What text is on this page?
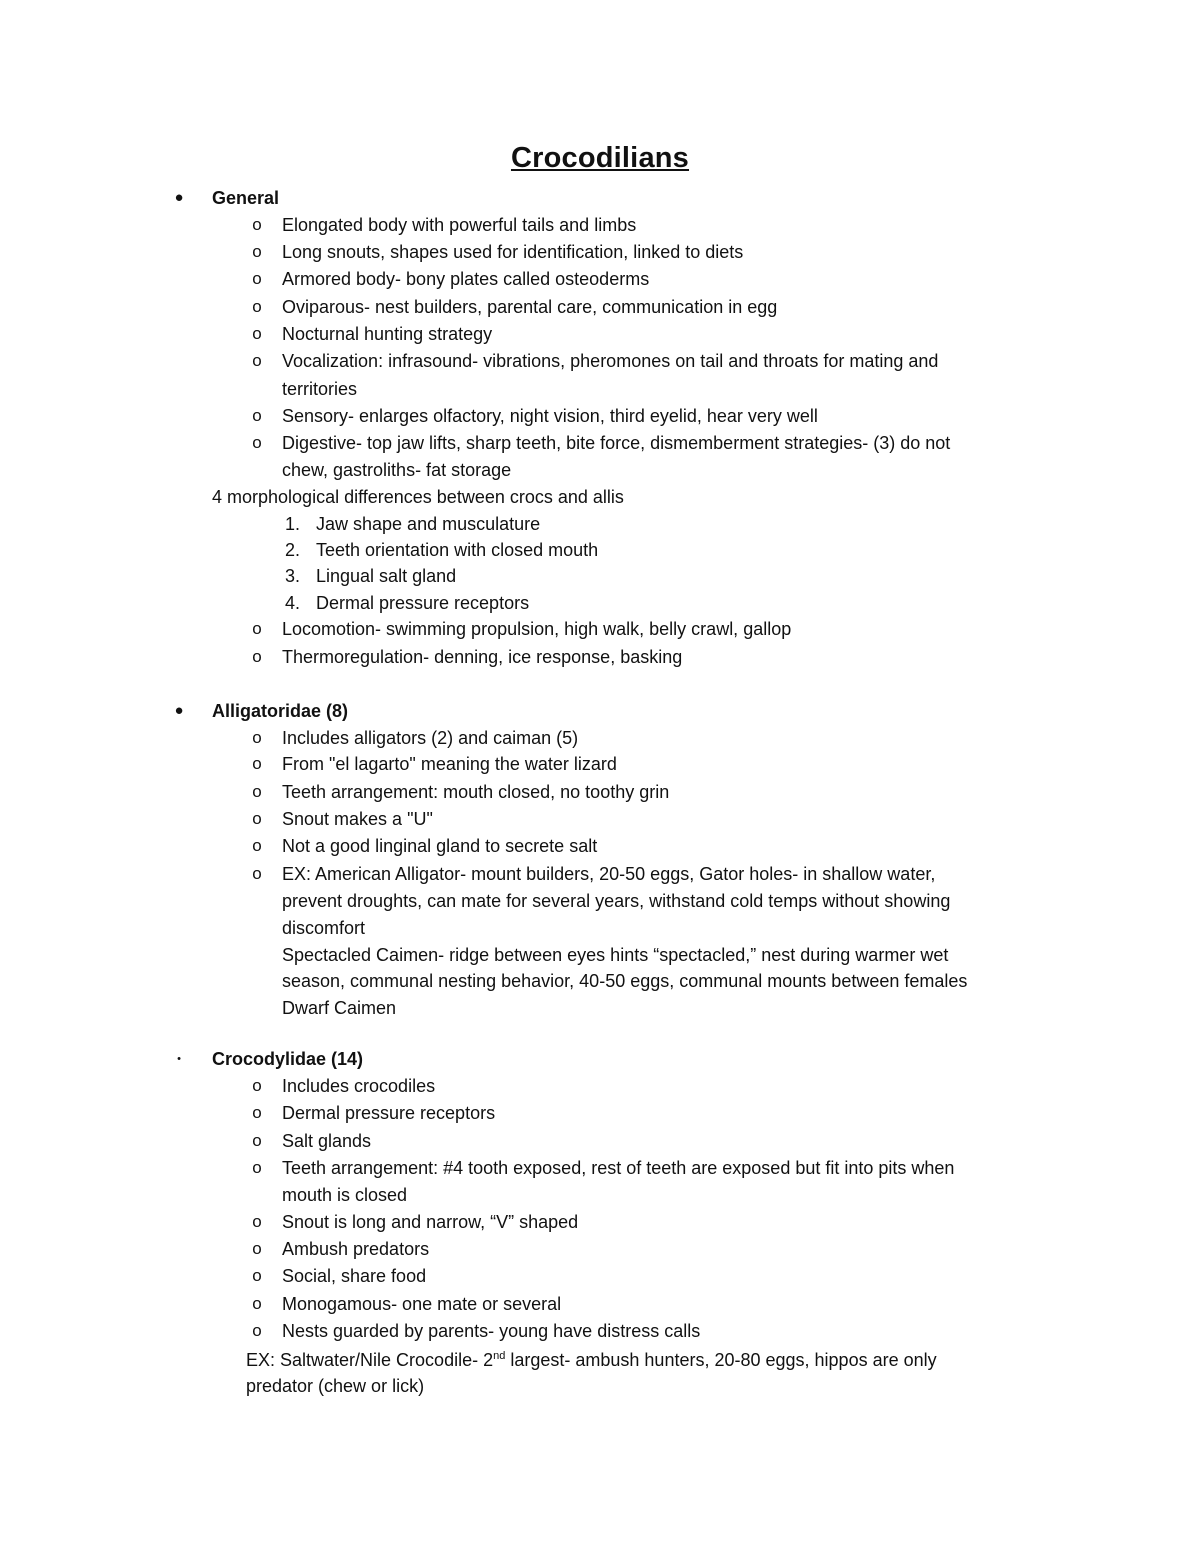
Crocodilians
● General
o Elongated body with powerful tails and limbs
o Long snouts, shapes used for identification, linked to diets
o Armored body- bony plates called osteoderms
o Oviparous- nest builders, parental care, communication in egg
o Nocturnal hunting strategy
o Vocalization: infrasound- vibrations, pheromones on tail and throats for mating and
territories
o Sensory- enlarges olfactory, night vision, third eyelid, hear very well
o Digestive- top jaw lifts, sharp teeth, bite force, dismemberment strategies- (3) do not
chew, gastroliths- fat storage
4 morphological differences between crocs and allis
1. Jaw shape and musculature
2. Teeth orientation with closed mouth
3. Lingual salt gland
4. Dermal pressure receptors
o Locomotion- swimming propulsion, high walk, belly crawl, gallop
o Thermoregulation- denning, ice response, basking
● Alligatoridae (8)
o Includes alligators (2) and caiman (5)
o From "el lagarto" meaning the water lizard
o Teeth arrangement: mouth closed, no toothy grin
o Snout makes a "U"
o Not a good linginal gland to secrete salt
o EX: American Alligator- mount builders, 20-50 eggs, Gator holes- in shallow water,
prevent droughts, can mate for several years, withstand cold temps without showing
discomfort
Spectacled Caimen- ridge between eyes hints “spectacled,” nest during warmer wet
season, communal nesting behavior, 40-50 eggs, communal mounts between females
Dwarf Caimen
• Crocodylidae (14)
o Includes crocodiles
o Dermal pressure receptors
o Salt glands
o Teeth arrangement: #4 tooth exposed, rest of teeth are exposed but fit into pits when
mouth is closed
o Snout is long and narrow, “V” shaped
o Ambush predators
o Social, share food
o Monogamous- one mate or several
o Nests guarded by parents- young have distress calls
EX: Saltwater/Nile Crocodile- 2nd largest- ambush hunters, 20-80 eggs, hippos are only
predator (chew or lick)
